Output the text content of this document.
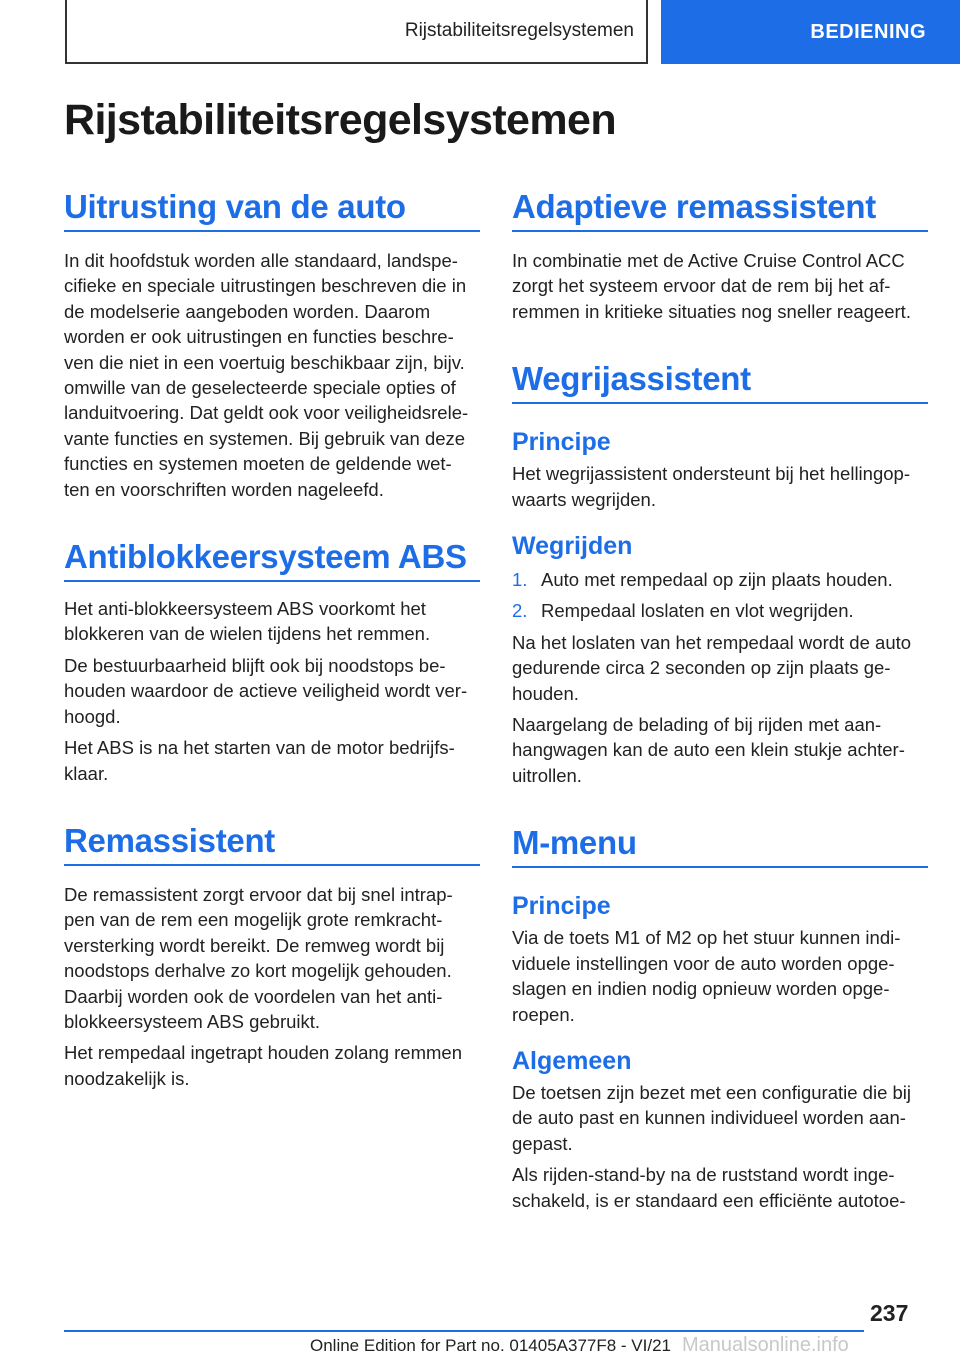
Rijstabiliteitsregelsystemen	BEDIENING
Rijstabiliteitsregelsystemen
Uitrusting van de auto

In dit hoofdstuk worden alle standaard, landspe-
cifieke en speciale uitrustingen beschreven die in
de modelserie aangeboden worden. Daarom
worden er ook uitrustingen en functies beschre-
ven die niet in een voertuig beschikbaar zijn, bijv.
omwille van de geselecteerde speciale opties of
landuitvoering. Dat geldt ook voor veiligheidsrele-
vante functies en systemen. Bij gebruik van deze
functies en systemen moeten de geldende wet-
ten en voorschriften worden nageleefd.

Antiblokkeersysteem ABS

Het anti-blokkeersysteem ABS voorkomt het
blokkeren van de wielen tijdens het remmen.

De bestuurbaarheid blijft ook bij noodstops be-
houden waardoor de actieve veiligheid wordt ver-
hoogd.

Het ABS is na het starten van de motor bedrijfs-
klaar.

Remassistent

De remassistent zorgt ervoor dat bij snel intrap-
pen van de rem een mogelijk grote remkracht-
versterking wordt bereikt. De remweg wordt bij
noodstops derhalve zo kort mogelijk gehouden.
Daarbij worden ook de voordelen van het anti-
blokkeersysteem ABS gebruikt.

Het rempedaal ingetrapt houden zolang remmen
noodzakelijk is.

Adaptieve remassistent

In combinatie met de Active Cruise Control ACC
zorgt het systeem ervoor dat de rem bij het af-
remmen in kritieke situaties nog sneller reageert.

Wegrijassistent
Principe

Het wegrijassistent ondersteunt bij het hellingop-
waarts wegrijden.

Wegrijden
1. Auto met rempedaal op zijn plaats houden.
2. Rempedaal loslaten en vlot wegrijden.

Na het loslaten van het rempedaal wordt de auto
gedurende circa 2 seconden op zijn plaats ge-
houden.

Naargelang de belading of bij rijden met aan-
hangwagen kan de auto een klein stukje achter-
uitrollen.

M-menu
Principe

Via de toets M1 of M2 op het stuur kunnen indi-
viduele instellingen voor de auto worden opge-
slagen en indien nodig opnieuw worden opge-
roepen.

Algemeen

De toetsen zijn bezet met een configuratie die bij
de auto past en kunnen individueel worden aan-
gepast.

Als rijden-stand-by na de ruststand wordt inge-
schakeld, is er standaard een efficiënte autotoe-

237
Online Edition for Part no. 01405A377F8 - VI/21 Manualsonline.info
